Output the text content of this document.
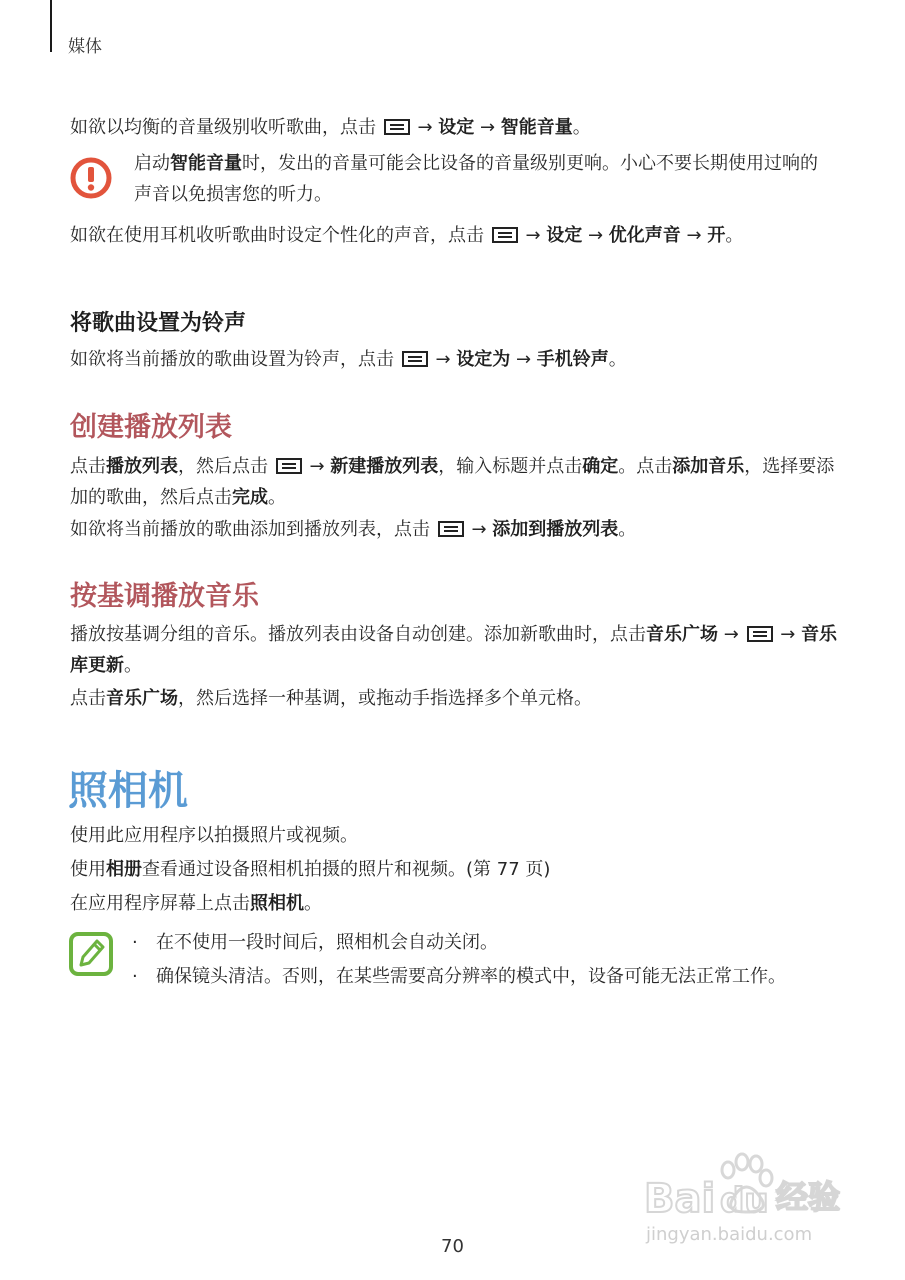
媒体

如欲以均衡的音量级别收听歌曲，点击  → 设定 → 智能音量。

启动智能音量时，发出的音量可能会比设备的音量级别更响。小心不要长期使用过响的声音以免损害您的听力。

如欲在使用耳机收听歌曲时设定个性化的声音，点击  → 设定 → 优化声音 → 开。

将歌曲设置为铃声

如欲将当前播放的歌曲设置为铃声，点击  → 设定为 → 手机铃声。

创建播放列表

点击播放列表，然后点击  → 新建播放列表，输入标题并点击确定。点击添加音乐，选择要添加的歌曲，然后点击完成。

如欲将当前播放的歌曲添加到播放列表，点击  → 添加到播放列表。

按基调播放音乐

播放按基调分组的音乐。播放列表由设备自动创建。添加新歌曲时，点击音乐广场 →  → 音乐库更新。

点击音乐广场，然后选择一种基调，或拖动手指选择多个单元格。

照相机

使用此应用程序以拍摄照片或视频。

使用相册查看通过设备照相机拍摄的照片和视频。(第 77 页)

在应用程序屏幕上点击照相机。

· 在不使用一段时间后，照相机会自动关闭。
· 确保镜头清洁。否则，在某些需要高分辨率的模式中，设备可能无法正常工作。
Bai du 经验
jingyan.baidu.com
70
